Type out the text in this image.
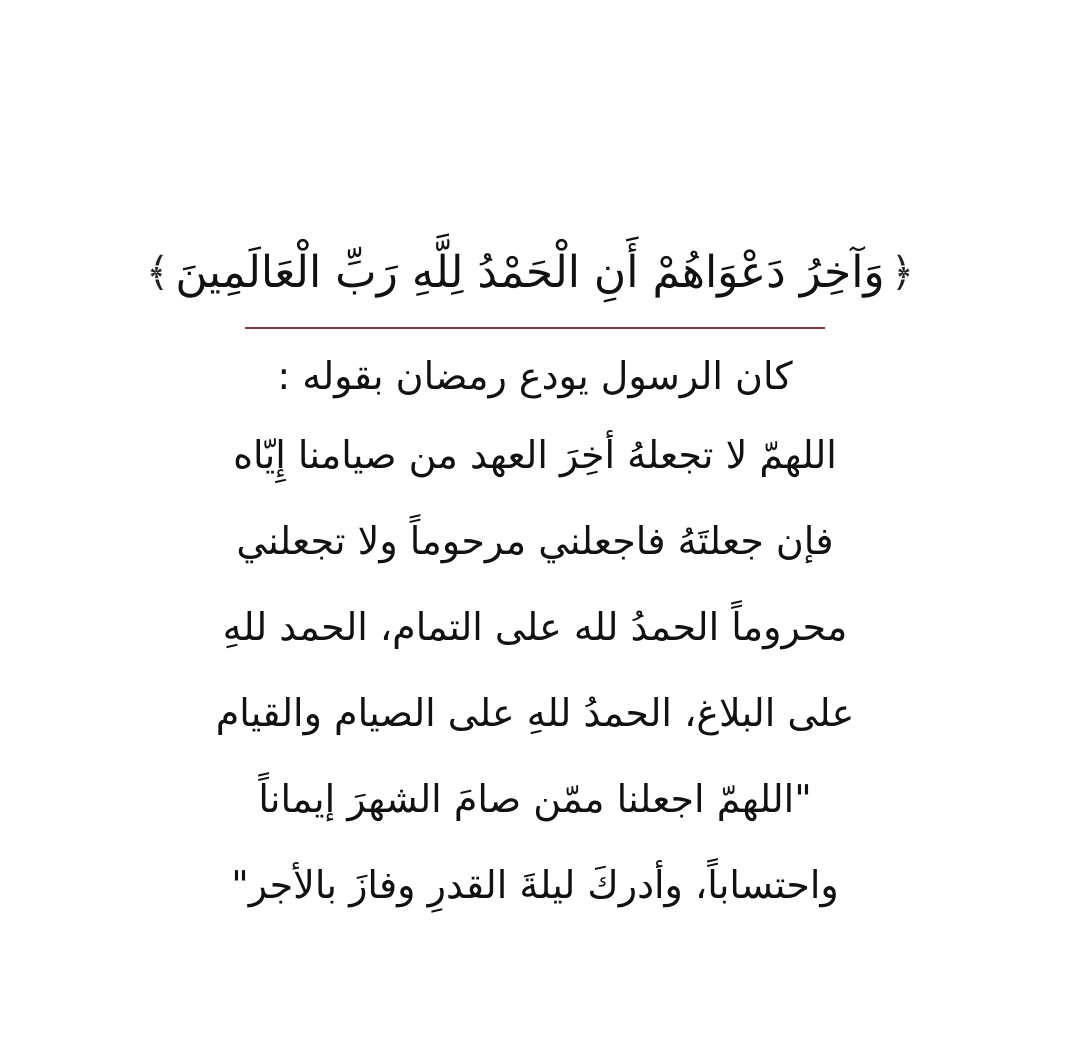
﴿
وَآخِرُ دَعْوَاهُمْ أَنِ الْحَمْدُ لِلَّهِ رَبِّ الْعَالَمِينَ
﴾
كان الرسول يودع رمضان بقوله :
اللهمّ لا تجعلهُ أخِرَ العهد من صيامنا إِيّاه
فإن جعلتَهُ فاجعلني مرحوماً ولا تجعلني
محروماً الحمدُ لله على التمام، الحمد للهِ
على البلاغ، الحمدُ للهِ على الصيام والقيام
"اللهمّ اجعلنا ممّن صامَ الشهرَ إيماناً
واحتساباً، وأدركَ ليلةَ القدرِ وفازَ بالأجر"
